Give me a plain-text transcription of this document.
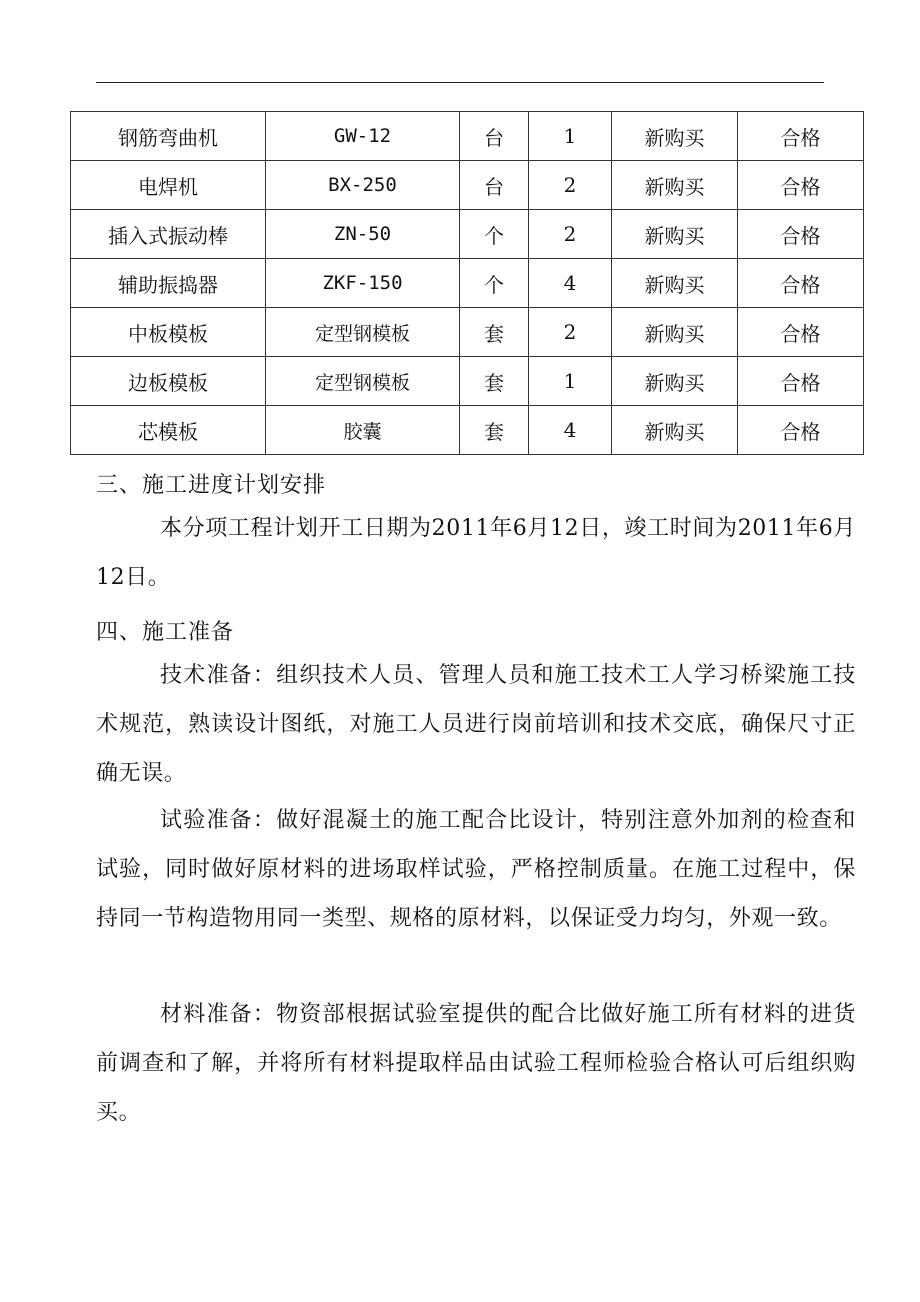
钢筋弯曲机	GW-12	台	1	新购买	合格
电焊机	BX-250	台	2	新购买	合格
插入式振动棒	ZN-50	个	2	新购买	合格
辅助振捣器	ZKF-150	个	4	新购买	合格
中板模板	定型钢模板	套	2	新购买	合格
边板模板	定型钢模板	套	1	新购买	合格
芯模板	胶囊	套	4	新购买	合格
三、施工进度计划安排
本分项工程计划开工日期为2011年6月12日，竣工时间为2011年6月12日。
四、施工准备
技术准备：组织技术人员、管理人员和施工技术工人学习桥梁施工技术规范，熟读设计图纸，对施工人员进行岗前培训和技术交底，确保尺寸正确无误。
试验准备：做好混凝土的施工配合比设计，特别注意外加剂的检查和试验，同时做好原材料的进场取样试验，严格控制质量。在施工过程中，保持同一节构造物用同一类型、规格的原材料，以保证受力均匀，外观一致。
材料准备：物资部根据试验室提供的配合比做好施工所有材料的进货前调查和了解，并将所有材料提取样品由试验工程师检验合格认可后组织购买。
